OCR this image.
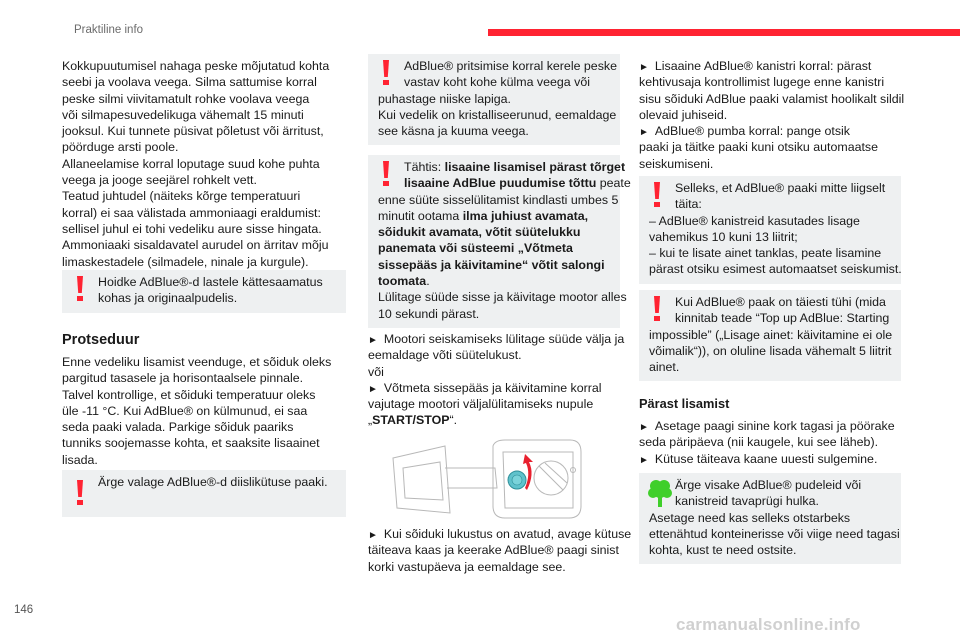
Praktiline info
Kokkupuutumisel nahaga peske mõjutatud kohta
seebi ja voolava veega. Silma sattumise korral
peske silmi viivitamatult rohke voolava veega
või silmapesuvedelikuga vähemalt 15 minuti
jooksul. Kui tunnete püsivat põletust või ärritust,
pöörduge arsti poole.
Allaneelamise korral loputage suud kohe puhta
veega ja jooge seejärel rohkelt vett.
Teatud juhtudel (näiteks kõrge temperatuuri
korral) ei saa välistada ammoniaagi eraldumist:
sellisel juhul ei tohi vedeliku aure sisse hingata.
Ammoniaaki sisaldavatel aurudel on ärritav mõju
limaskestadele (silmadele, ninale ja kurgule).
Hoidke AdBlue®-d lastele kättesaamatus
kohas ja originaalpudelis.
Protseduur
Enne vedeliku lisamist veenduge, et sõiduk oleks
pargitud tasasele ja horisontaalsele pinnale.
Talvel kontrollige, et sõiduki temperatuur oleks
üle -11 °C. Kui AdBlue® on külmunud, ei saa
seda paaki valada. Parkige sõiduk paariks
tunniks soojemasse kohta, et saaksite lisaainet
lisada.
Ärge valage AdBlue®-d diislikütuse paaki.
AdBlue® pritsimise korral kerele peske
vastav koht kohe külma veega või
puhastage niiske lapiga.
Kui vedelik on kristalliseerunud, eemaldage
see käsna ja kuuma veega.
Tähtis: lisaaine lisamisel pärast tõrget
lisaaine AdBlue puudumise tõttu peate
enne süüte sisselülitamist kindlasti umbes 5
minutit ootama ilma juhiust avamata,
sõidukit avamata, võtit süütelukku
panemata või süsteemi „Võtmeta
sissepääs ja käivitamine“ võtit salongi
toomata.
Lülitage süüde sisse ja käivitage mootor alles
10 sekundi pärast.
► Mootori seiskamiseks lülitage süüde välja ja
eemaldage võti süütelukust.
või
► Võtmeta sissepääs ja käivitamine korral
vajutage mootori väljalülitamiseks nupule
„START/STOP“.
► Kui sõiduki lukustus on avatud, avage kütuse
täiteava kaas ja keerake AdBlue® paagi sinist
korki vastupäeva ja eemaldage see.
► Lisaaine AdBlue® kanistri korral: pärast
kehtivusaja kontrollimist lugege enne kanistri
sisu sõiduki AdBlue paaki valamist hoolikalt sildil
olevaid juhiseid.
► AdBlue® pumba korral: pange otsik
paaki ja täitke paaki kuni otsiku automaatse
seiskumiseni.
Selleks, et AdBlue® paaki mitte liigselt
täita:
– AdBlue® kanistreid kasutades lisage
vahemikus 10 kuni 13 liitrit;
– kui te lisate ainet tanklas, peate lisamine
pärast otsiku esimest automaatset seiskumist.
Kui AdBlue® paak on täiesti tühi (mida
kinnitab teade “Top up AdBlue: Starting
impossible” („Lisage ainet: käivitamine ei ole
võimalik“)), on oluline lisada vähemalt 5 liitrit
ainet.
Pärast lisamist
► Asetage paagi sinine kork tagasi ja pöörake
seda päripäeva (nii kaugele, kui see läheb).
► Kütuse täiteava kaane uuesti sulgemine.
Ärge visake AdBlue® pudeleid või
kanistreid tavaprügi hulka.
Asetage need kas selleks otstarbeks
ettenähtud konteinerisse või viige need tagasi
kohta, kust te need ostsite.
146
carmanualsonline.info
